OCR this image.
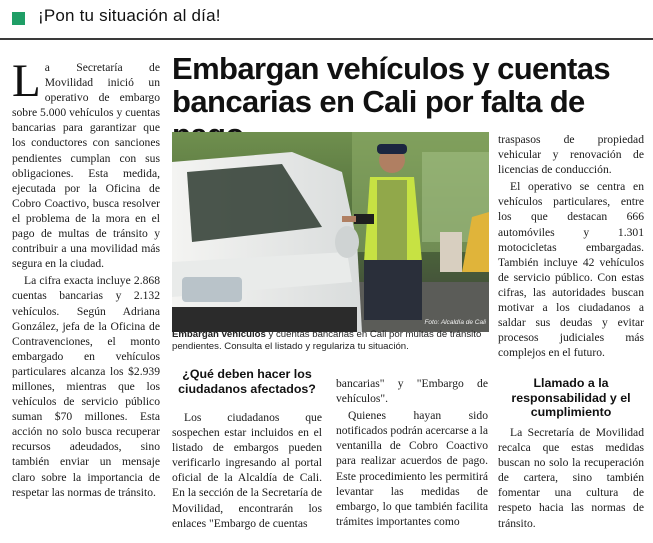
¡Pon tu situación al día!
Embargan vehículos y cuentas bancarias en Cali por falta de

La Secretaría de Movilidad inició un operativo de embargo sobre 5.000 vehículos y cuentas bancarias para garantizar que los conductores con sanciones pendientes cumplan con sus obligaciones. Esta medida, ejecutada por la Oficina de Cobro Coactivo, busca resolver el problema de la mora en el pago de multas de tránsito y contribuir a una movilidad más segura en la ciudad.

La cifra exacta incluye 2.868 cuentas bancarias y 2.132 vehículos. Según Adriana González, jefa de la Oficina de Contravenciones, el monto embargado en vehículos particulares alcanza los $2.939 millones, mientras que los vehículos de servicio público suman $70 millones. Esta acción no solo busca recuperar recursos adeudados, sino también enviar un mensaje claro sobre la importancia de respetar las normas de tránsito.

Foto: Alcaldía de Cali
Embargan vehículos y cuentas bancarias en Cali por multas de tránsito pendientes. Consulta el listado y regulariza tu situación.
¿Qué deben hacer los ciudadanos afectados?

Los ciudadanos que sospechen estar incluidos en el listado de embargos pueden verificarlo ingresando al portal oficial de la Alcaldía de Cali. En la sección de la Secretaría de Movilidad, encontrarán los enlaces "Embargo de cuentas

bancarias" y "Embargo de vehículos".

Quienes hayan sido notificados podrán acercarse a la ventanilla de Cobro Coactivo para realizar acuerdos de pago. Este procedimiento les permitirá levantar las medidas de embargo, lo que también facilita trámites importantes como

traspasos de propiedad vehicular y renovación de licencias de conducción.

El operativo se centra en vehículos particulares, entre los que destacan 666 automóviles y 1.301 motocicletas embargadas. También incluye 42 vehículos de servicio público. Con estas cifras, las autoridades buscan motivar a los ciudadanos a saldar sus deudas y evitar procesos judiciales más complejos en el futuro.

Llamado a la responsabilidad y el cumplimiento

La Secretaría de Movilidad recalca que estas medidas buscan no solo la recuperación de cartera, sino también fomentar una cultura de respeto hacia las normas de tránsito.
